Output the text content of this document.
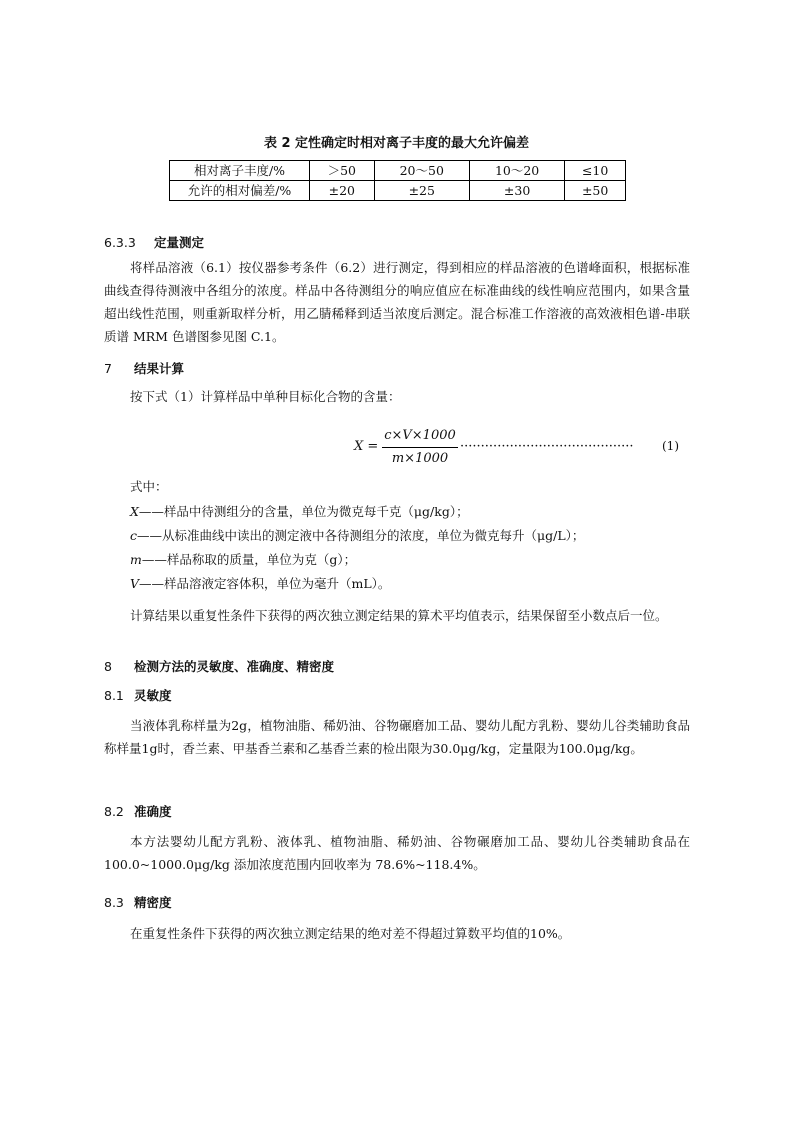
表 2 定性确定时相对离子丰度的最大允许偏差
相对离子丰度/%	＞50	20～50	10～20	≤10
允许的相对偏差/%	±20	±25	±30	±50
6.3.3 定量测定
将样品溶液（6.1）按仪器参考条件（6.2）进行测定，得到相应的样品溶液的色谱峰面积，根据标准曲线查得待测液中各组分的浓度。样品中各待测组分的响应值应在标准曲线的线性响应范围内，如果含量超出线性范围，则重新取样分析，用乙腈稀释到适当浓度后测定。混合标准工作溶液的高效液相色谱-串联质谱 MRM 色谱图参见图 C.1。
7 结果计算
按下式（1）计算样品中单种目标化合物的含量：
X =
c×V×1000
m×1000
·········································· (1)
式中：
X——样品中待测组分的含量，单位为微克每千克（μg/kg）；
c——从标准曲线中读出的测定液中各待测组分的浓度，单位为微克每升（μg/L）；
m——样品称取的质量，单位为克（g）；
V——样品溶液定容体积，单位为毫升（mL）。
计算结果以重复性条件下获得的两次独立测定结果的算术平均值表示，结果保留至小数点后一位。
8 检测方法的灵敏度、准确度、精密度
8.1 灵敏度
当液体乳称样量为2g，植物油脂、稀奶油、谷物碾磨加工品、婴幼儿配方乳粉、婴幼儿谷类辅助食品称样量1g时，香兰素、甲基香兰素和乙基香兰素的检出限为30.0μg/kg，定量限为100.0μg/kg。
8.2 准确度
本方法婴幼儿配方乳粉、液体乳、植物油脂、稀奶油、谷物碾磨加工品、婴幼儿谷类辅助食品在 100.0~1000.0μg/kg 添加浓度范围内回收率为 78.6%~118.4%。
8.3 精密度
在重复性条件下获得的两次独立测定结果的绝对差不得超过算数平均值的10%。
